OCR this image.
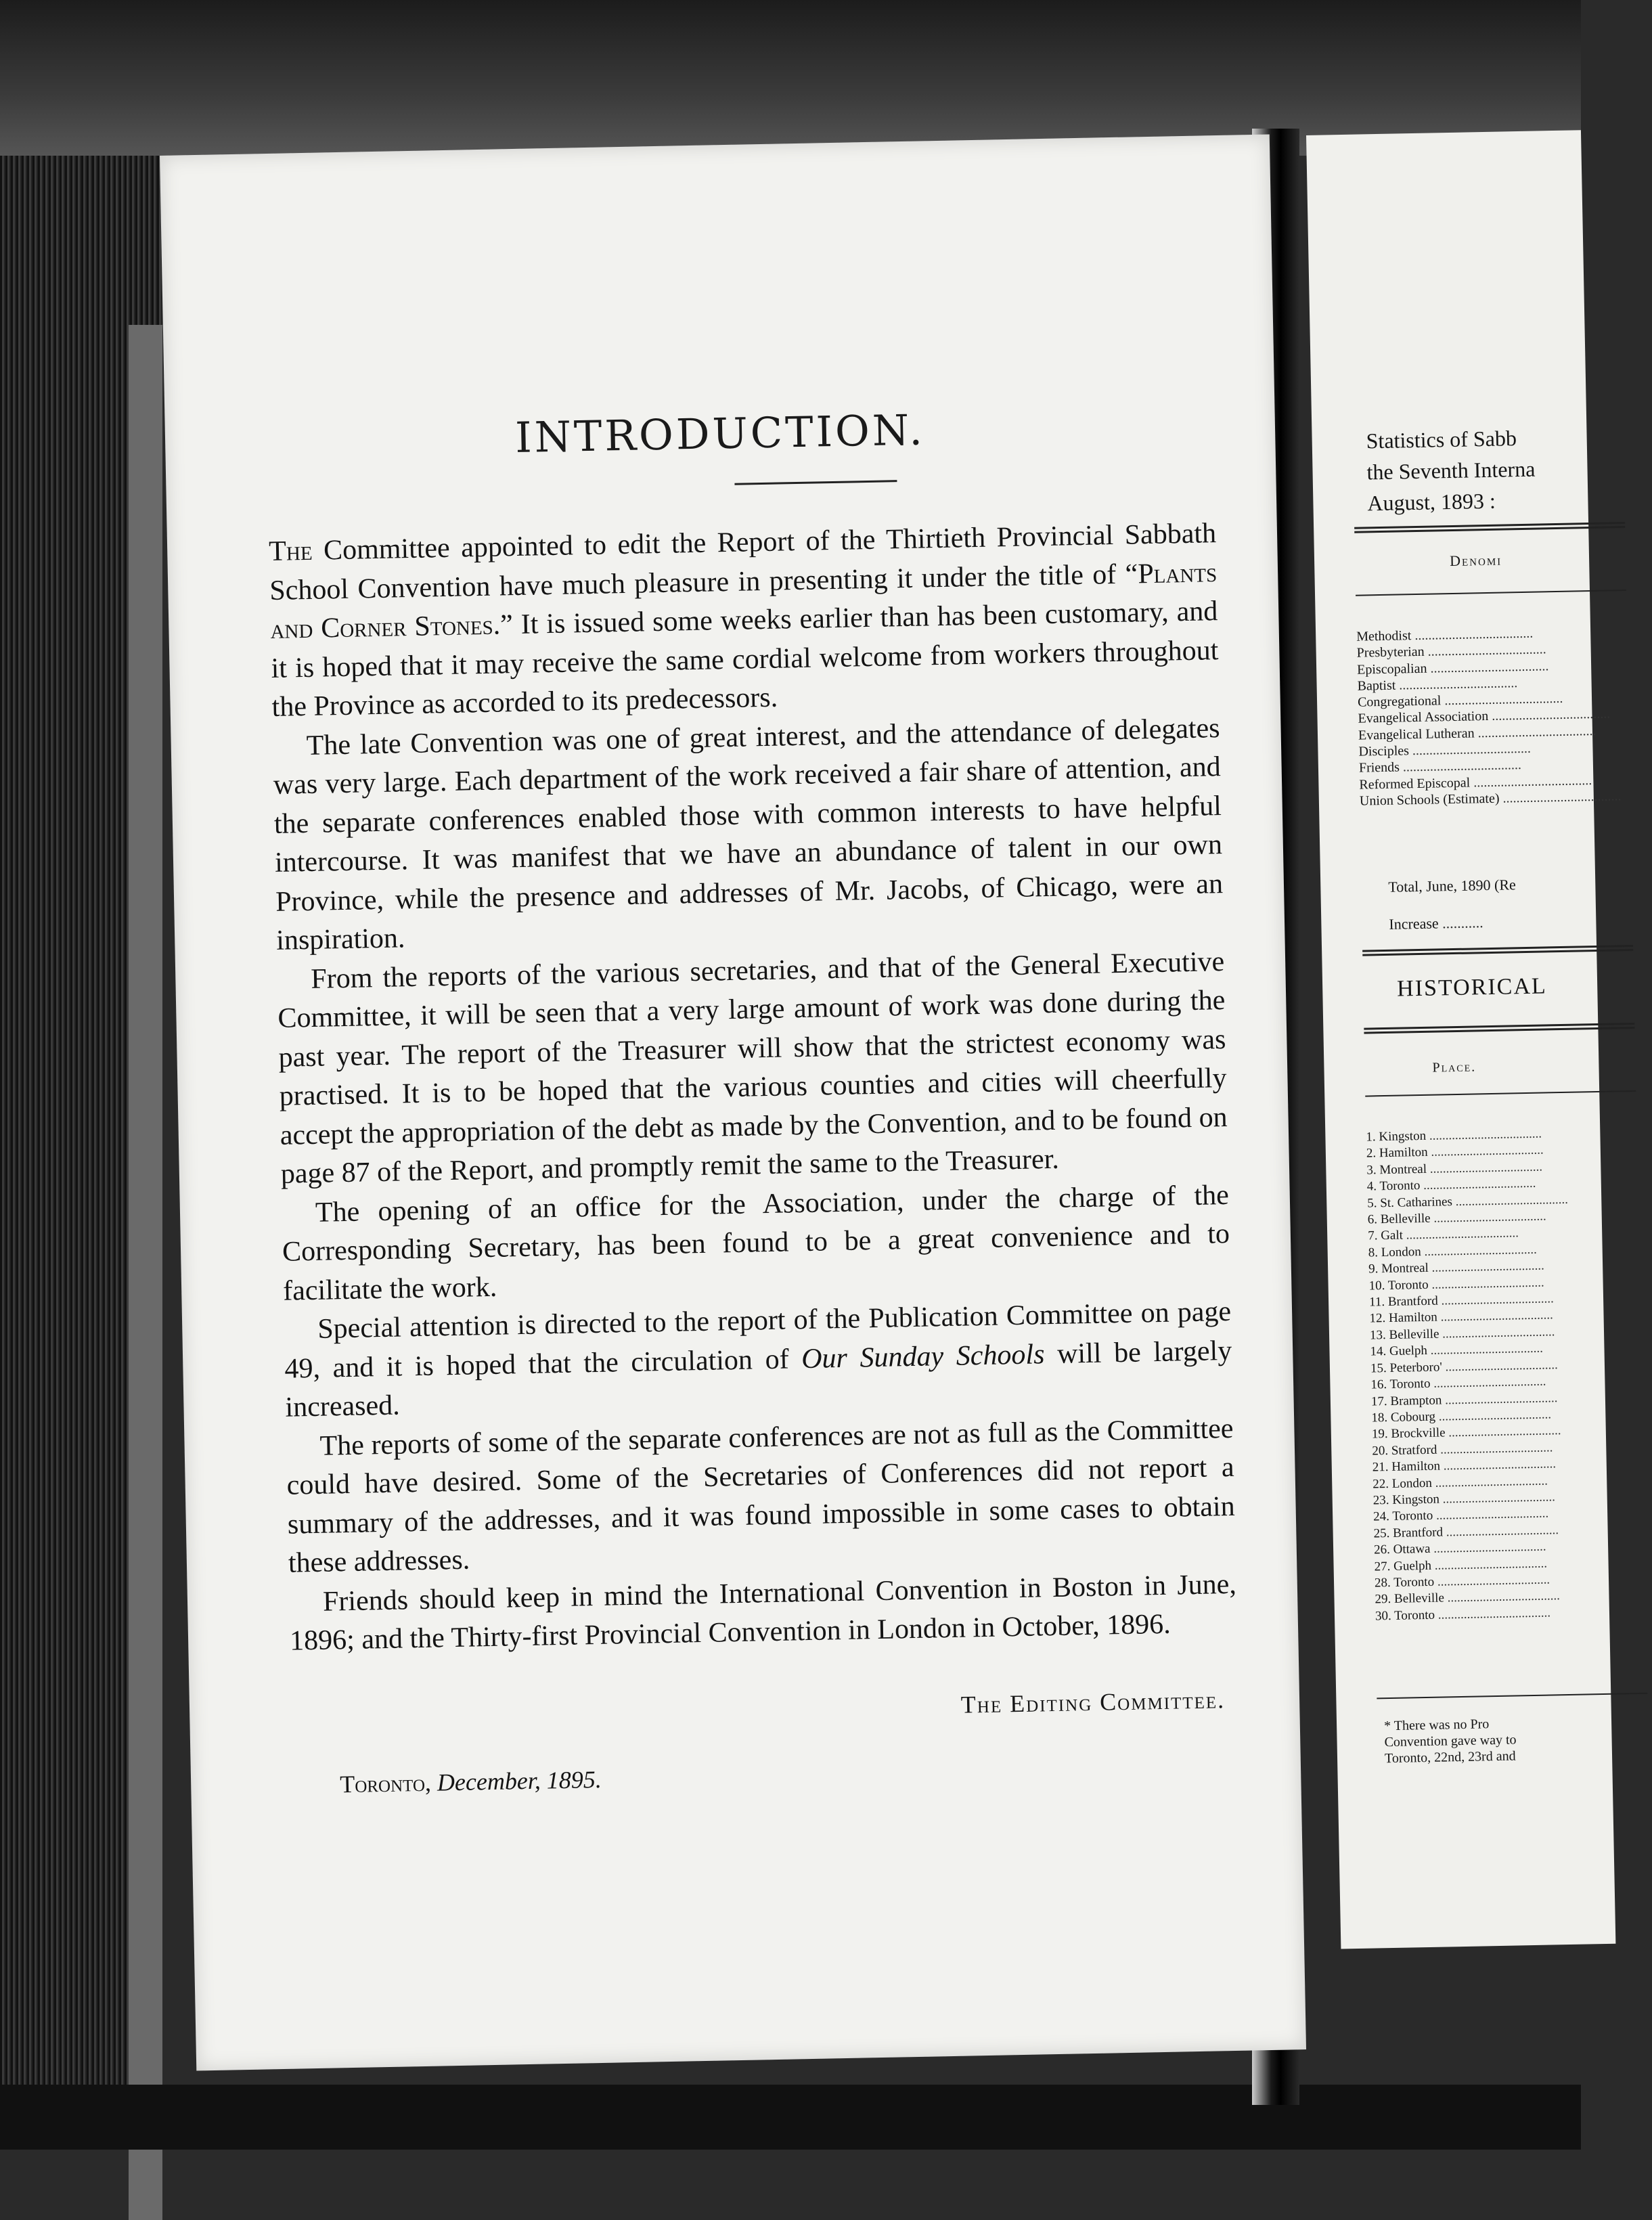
INTRODUCTION.

The Committee appointed to edit the Report of the Thirtieth Provincial Sabbath School Convention have much pleasure in presenting it under the title of “Plants and Corner Stones.” It is issued some weeks earlier than has been customary, and it is hoped that it may receive the same cordial welcome from workers throughout the Province as accorded to its predecessors.

The late Convention was one of great interest, and the attendance of delegates was very large. Each department of the work received a fair share of attention, and the separate conferences enabled those with common interests to have helpful intercourse. It was manifest that we have an abundance of talent in our own Province, while the presence and addresses of Mr. Jacobs, of Chicago, were an inspiration.

From the reports of the various secretaries, and that of the General Executive Committee, it will be seen that a very large amount of work was done during the past year. The report of the Treasurer will show that the strictest economy was practised. It is to be hoped that the various counties and cities will cheerfully accept the appropriation of the debt as made by the Convention, and to be found on page 87 of the Report, and promptly remit the same to the Treasurer.

The opening of an office for the Association, under the charge of the Corresponding Secretary, has been found to be a great convenience and to facilitate the work.

Special attention is directed to the report of the Publication Committee on page 49, and it is hoped that the circulation of Our Sunday Schools will be largely increased.

The reports of some of the separate conferences are not as full as the Committee could have desired. Some of the Secretaries of Conferences did not report a summary of the addresses, and it was found impossible in some cases to obtain these addresses.

Friends should keep in mind the International Convention in Boston in June, 1896; and the Thirty-first Provincial Convention in London in October, 1896.

The Editing Committee.
Toronto, December, 1895.
Statistics of Sabb
the Seventh Interna
August, 1893 :
Denomi
Methodist ...................................
Presbyterian ...................................
Episcopalian ...................................
Baptist ...................................
Congregational ...................................
Evangelical Association ...................................
Evangelical Lutheran ...................................
Disciples ...................................
Friends ...................................
Reformed Episcopal ...................................
Union Schools (Estimate) ...................................
Total, June, 1890 (Re
Increase ...........
HISTORICAL
Place.
1. Kingston ...................................
2. Hamilton ...................................
3. Montreal ...................................
4. Toronto ...................................
5. St. Catharines ...................................
6. Belleville ...................................
7. Galt ...................................
8. London ...................................
9. Montreal ...................................
10. Toronto ...................................
11. Brantford ...................................
12. Hamilton ...................................
13. Belleville ...................................
14. Guelph ...................................
15. Peterboro' ...................................
16. Toronto ...................................
17. Brampton ...................................
18. Cobourg ...................................
19. Brockville ...................................
20. Stratford ...................................
21. Hamilton ...................................
22. London ...................................
23. Kingston ...................................
24. Toronto ...................................
25. Brantford ...................................
26. Ottawa ...................................
27. Guelph ...................................
28. Toronto ...................................
29. Belleville ...................................
30. Toronto ...................................
* There was no Pro
Convention gave way to
Toronto, 22nd, 23rd and
